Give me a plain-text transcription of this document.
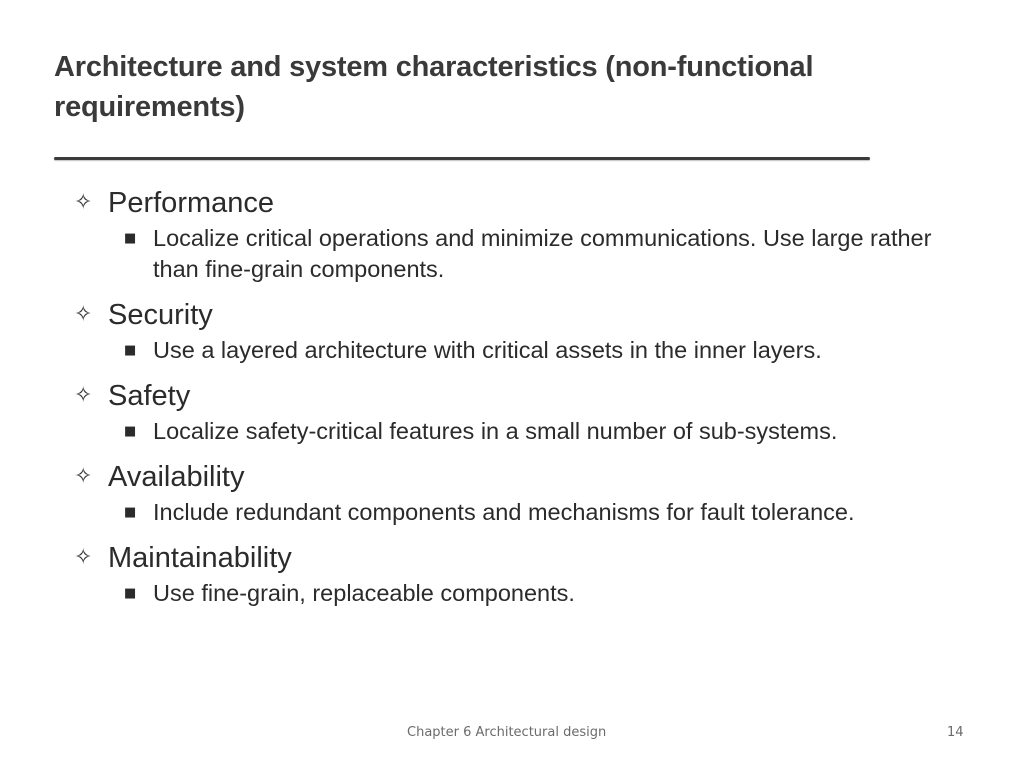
Architecture and system characteristics (non-functional requirements)
✧ Performance
■ Localize critical operations and minimize communications. Use large rather than fine-grain components.
✧ Security
■ Use a layered architecture with critical assets in the inner layers.
✧ Safety
■ Localize safety-critical features in a small number of sub-systems.
✧ Availability
■ Include redundant components and mechanisms for fault tolerance.
✧ Maintainability
■ Use fine-grain, replaceable components.
Chapter 6 Architectural design	14
